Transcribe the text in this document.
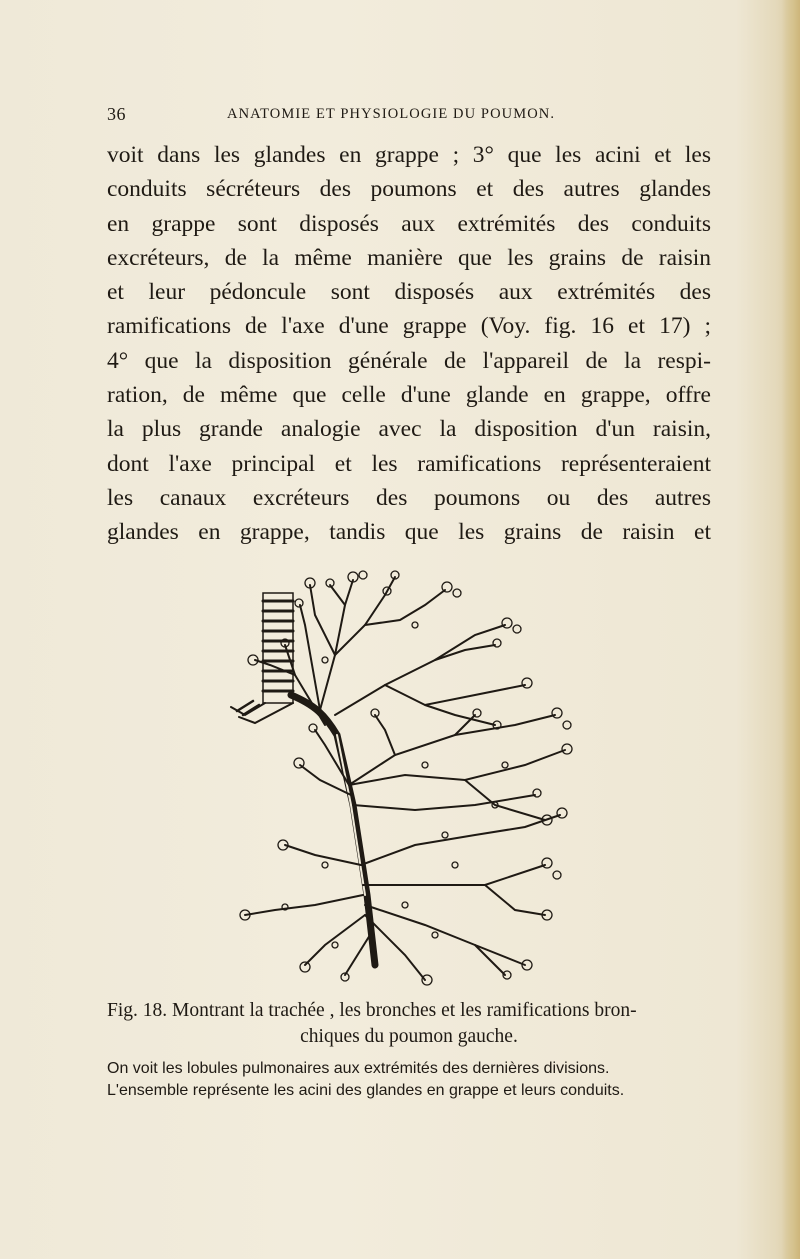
36	ANATOMIE ET PHYSIOLOGIE DU POUMON.
voit dans les glandes en grappe ; 3° que les acini et les
conduits sécréteurs des poumons et des autres glandes
en grappe sont disposés aux extrémités des conduits
excréteurs, de la même manière que les grains de raisin
et leur pédoncule sont disposés aux extrémités des
ramifications de l'axe d'une grappe (Voy. fig. 16 et 17) ;
4° que la disposition générale de l'appareil de la respi-
ration, de même que celle d'une glande en grappe, offre
la plus grande analogie avec la disposition d'un raisin,
dont l'axe principal et les ramifications représenteraient
les canaux excréteurs des poumons ou des autres
glandes en grappe, tandis que les grains de raisin et
Fig. 18. Montrant la trachée , les bronches et les ramifications bron-
chiques du poumon gauche.
On voit les lobules pulmonaires aux extrémités des dernières divisions.
L'ensemble représente les acini des glandes en grappe et leurs conduits.
